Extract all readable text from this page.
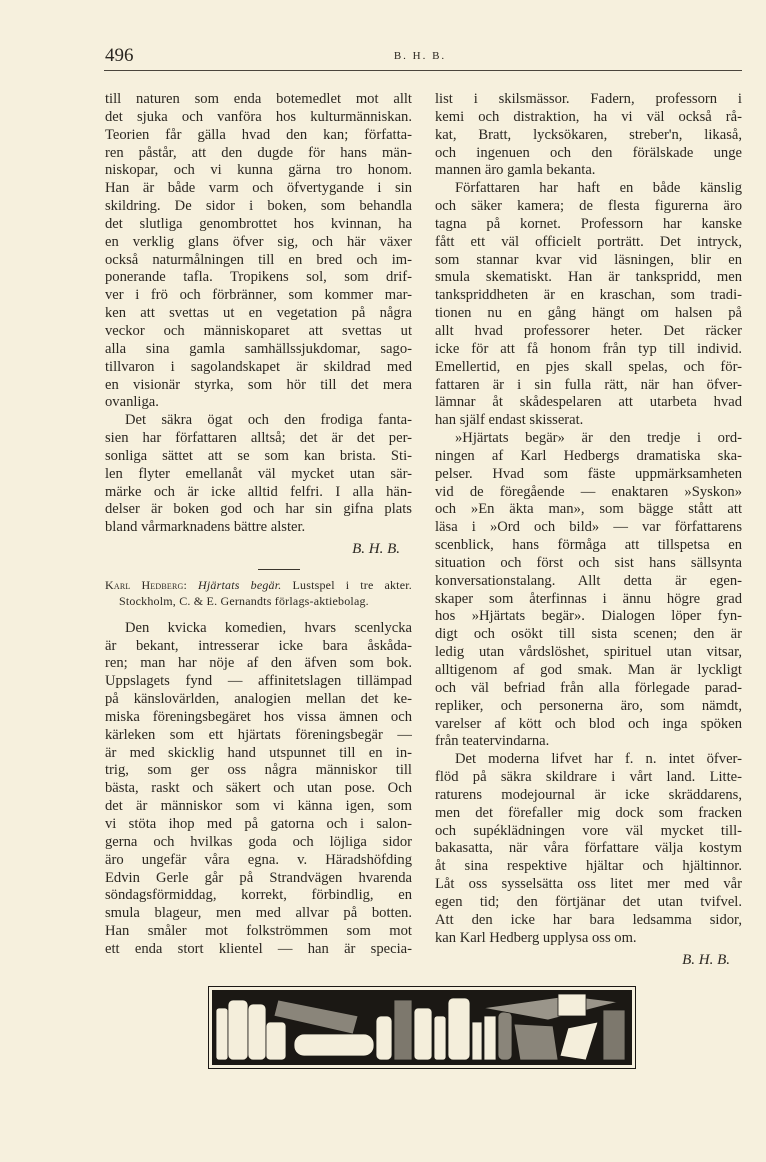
496	B. H. B.
till naturen som enda botemedlet mot allt
det sjuka och vanföra hos kulturmänniskan.
Teorien får gälla hvad den kan; författa-
ren påstår, att den dugde för hans män-
niskopar, och vi kunna gärna tro honom.
Han är både varm och öfvertygande i sin
skildring. De sidor i boken, som behandla
det slutliga genombrottet hos kvinnan, ha
en verklig glans öfver sig, och här växer
också naturmålningen till en bred och im-
ponerande tafla. Tropikens sol, som drif-
ver i frö och förbränner, som kommer mar-
ken att svettas ut en vegetation på några
veckor och människoparet att svettas ut
alla sina gamla samhällssjukdomar, sago-
tillvaron i sagolandskapet är skildrad med
en visionär styrka, som hör till det mera
ovanliga.
Det säkra ögat och den frodiga fanta-
sien har författaren alltså; det är det per-
sonliga sättet att se som kan brista. Sti-
len flyter emellanåt väl mycket utan sär-
märke och är icke alltid felfri. I alla hän-
delser är boken god och har sin gifna plats
bland vårmarknadens bättre alster.
B. H. B.
Karl Hedberg: Hjärtats begär. Lustspel i tre akter. Stockholm, C. & E. Gernandts förlags-aktiebolag.
Den kvicka komedien, hvars scenlycka
är bekant, intresserar icke bara åskåda-
ren; man har nöje af den äfven som bok.
Uppslagets fynd — affinitetslagen tillämpad
på känslovärlden, analogien mellan det ke-
miska föreningsbegäret hos vissa ämnen och
kärleken som ett hjärtats föreningsbegär —
är med skicklig hand utspunnet till en in-
trig, som ger oss några människor till
bästa, raskt och säkert och utan pose. Och
det är människor som vi känna igen, som
vi stöta ihop med på gatorna och i salon-
gerna och hvilkas goda och löjliga sidor
äro ungefär våra egna. v. Häradshöfding
Edvin Gerle går på Strandvägen hvarenda
söndagsförmiddag, korrekt, förbindlig, en
smula blageur, men med allvar på botten.
Han småler mot folkströmmen som mot
ett enda stort klientel — han är specia-
list i skilsmässor. Fadern, professorn i
kemi och distraktion, ha vi väl också rå-
kat, Bratt, lycksökaren, streber'n, likaså,
och ingenuen och den förälskade unge
mannen äro gamla bekanta.
Författaren har haft en både känslig
och säker kamera; de flesta figurerna äro
tagna på kornet. Professorn har kanske
fått ett väl officielt porträtt. Det intryck,
som stannar kvar vid läsningen, blir en
smula skematiskt. Han är tankspridd, men
tankspriddheten är en kraschan, som tradi-
tionen nu en gång hängt om halsen på
allt hvad professorer heter. Det räcker
icke för att få honom från typ till individ.
Emellertid, en pjes skall spelas, och för-
fattaren är i sin fulla rätt, när han öfver-
lämnar åt skådespelaren att utarbeta hvad
han själf endast skisserat.
»Hjärtats begär» är den tredje i ord-
ningen af Karl Hedbergs dramatiska ska-
pelser. Hvad som fäste uppmärksamheten
vid de föregående — enaktaren »Syskon»
och »En äkta man», som bägge stått att
läsa i »Ord och bild» — var författarens
scenblick, hans förmåga att tillspetsa en
situation och först och sist hans sällsynta
konversationstalang. Allt detta är egen-
skaper som återfinnas i ännu högre grad
hos »Hjärtats begär». Dialogen löper fyn-
digt och osökt till sista scenen; den är
ledig utan vårdslöshet, spirituel utan vitsar,
alltigenom af god smak. Man är lyckligt
och väl befriad från alla förlegade parad-
repliker, och personerna äro, som nämdt,
varelser af kött och blod och inga spöken
från teatervindarna.
Det moderna lifvet har f. n. intet öfver-
flöd på säkra skildrare i vårt land. Litte-
raturens modejournal är icke skräddarens,
men det förefaller mig dock som fracken
och supéklädningen vore väl mycket till-
bakasatta, när våra författare välja kostym
åt sina respektive hjältar och hjältinnor.
Låt oss sysselsätta oss litet mer med vår
egen tid; den förtjänar det utan tvifvel.
Att den icke har bara ledsamma sidor,
kan Karl Hedberg upplysa oss om.
B. H. B.
